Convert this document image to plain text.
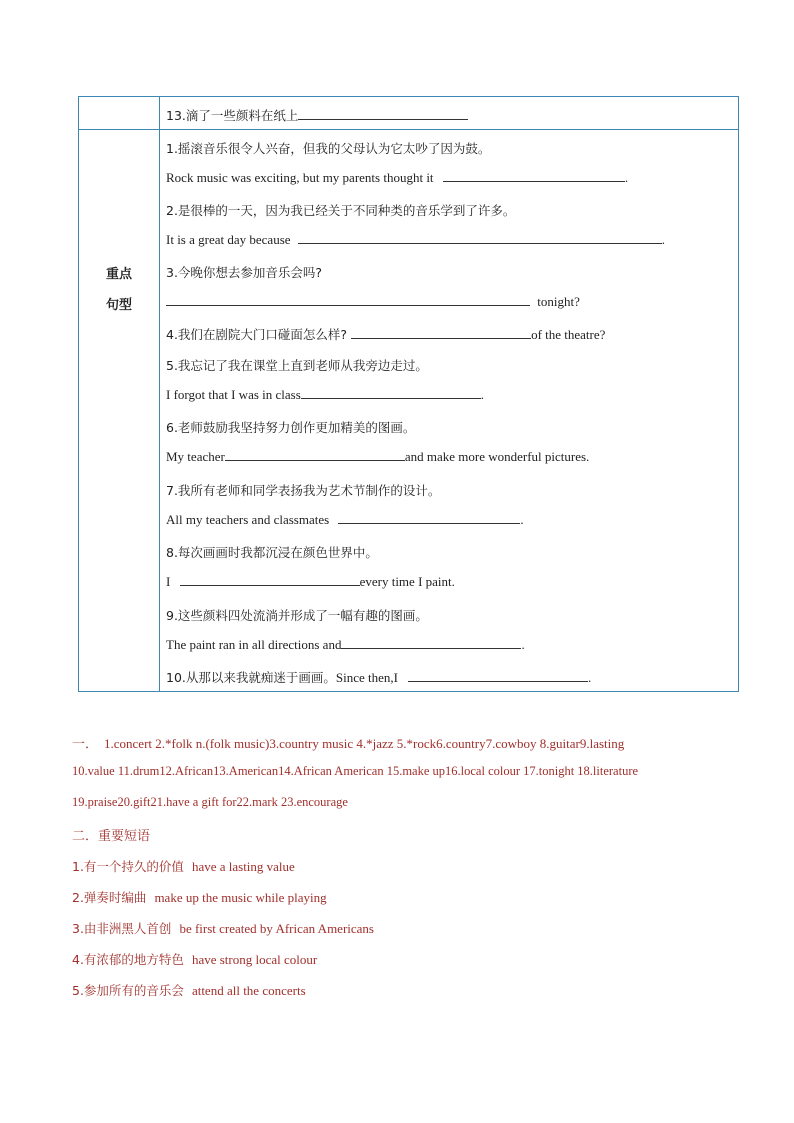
13.滴了一些颜料在纸上
重点
句型
1.摇滚音乐很令人兴奋，但我的父母认为它太吵了因为鼓。
Rock music was exciting, but my parents thought it	.
2.是很棒的一天，因为我已经关于不同种类的音乐学到了许多。
It is a great day because	.
3.今晚你想去参加音乐会吗?
tonight?
4.我们在剧院大门口碰面怎么样?	of the theatre?
5.我忘记了我在课堂上直到老师从我旁边走过。
I forgot that I was in class	.
6.老师鼓励我坚持努力创作更加精美的图画。
My teacher	and make more wonderful pictures.
7.我所有老师和同学表扬我为艺术节制作的设计。
All my teachers and classmates	.
8.每次画画时我都沉浸在颜色世界中。
I	every time I paint.
9.这些颜料四处流淌并形成了一幅有趣的图画。
The paint ran in all directions and	.
10.从那以来我就痴迷于画画。Since then,I	.
一． 1.concert 2.*folk n.(folk music)3.country music 4.*jazz 5.*rock6.country7.cowboy 8.guitar9.lasting
10.value 11.drum12.African13.American14.African American 15.make up16.local colour 17.tonight 18.literature
19.praise20.gift21.have a gift for22.mark 23.encourage
二．重要短语
1.有一个持久的价值 have a lasting value
2.弹奏时编曲 make up the music while playing
3.由非洲黑人首创 be first created by African Americans
4.有浓郁的地方特色 have strong local colour
5.参加所有的音乐会 attend all the concerts
